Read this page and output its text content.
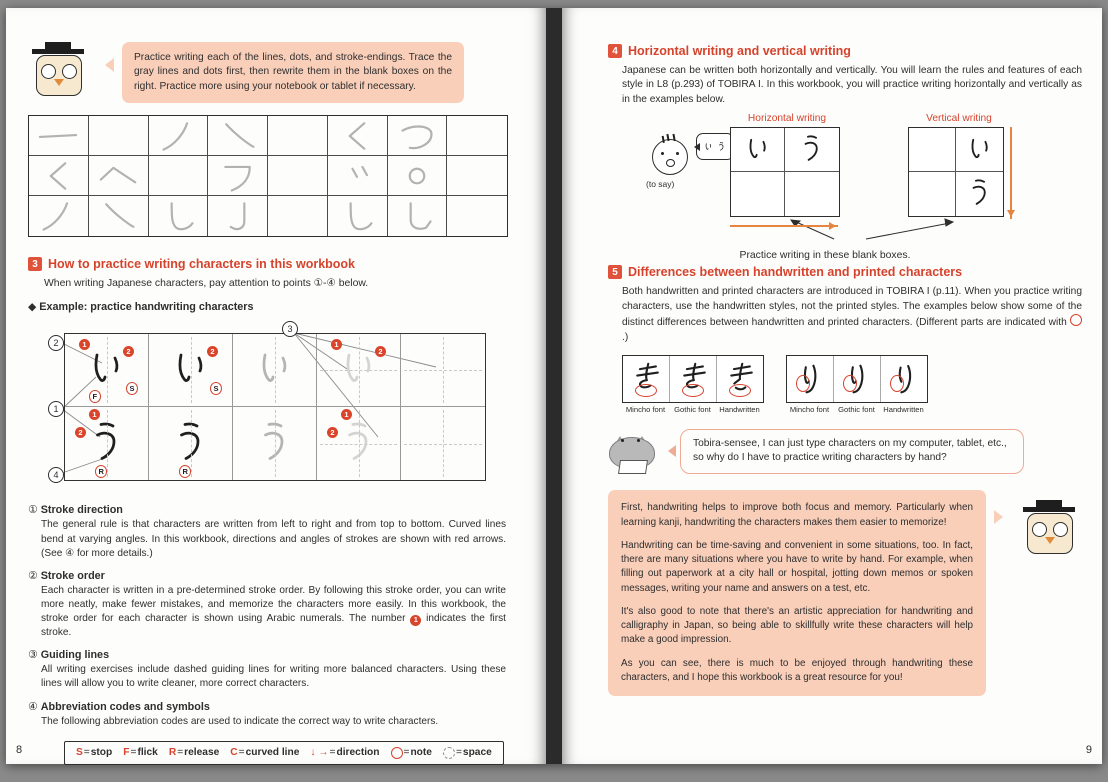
Practice writing each of the lines, dots, and stroke-endings. Trace the gray lines and dots first, then rewrite them in the blank boxes on the right. Practice more using your notebook or tablet if necessary.

3 How to practice writing characters in this workbook

When writing Japanese characters, pay attention to points ①-④ below.

◆ Example: practice handwriting characters

2
1
4
3
1
2
F
S
2
S
1
2
1
2
R	R
1
2

① Stroke direction

The general rule is that characters are written from left to right and from top to bottom. Curved lines bend at varying angles. In this workbook, directions and angles of strokes are shown with red arrows. (See ④ for more details.)

② Stroke order

Each character is written in a pre-determined stroke order. By following this stroke order, you can write more neatly, make fewer mistakes, and memorize the characters more easily. In this workbook, the stroke order for each character is shown using Arabic numerals. The number 1 indicates the first stroke.

③ Guiding lines

All writing exercises include dashed guiding lines for writing more balanced characters. Using these lines will allow you to write cleaner, more correct characters.

④ Abbreviation codes and symbols

The following abbreviation codes are used to indicate the correct way to write characters.

S = stop F = flick R = release C = curved line ↓ → = direction = note = space
8
4 Horizontal writing and vertical writing

Japanese can be written both horizontally and vertically. You will learn the rules and features of each style in L8 (p.293) of TOBIRA I. In this workbook, you will practice writing horizontally and vertically as in the examples below.

(to say)
Horizontal writing	Vertical writing

Practice writing in these blank boxes.

5 Differences between handwritten and printed characters

Both handwritten and printed characters are introduced in TOBIRA I (p.11). When you practice writing characters, use the handwritten styles, not the printed styles. The examples below show some of the distinct differences between handwritten and printed characters. (Different parts are indicated with .)

Mincho font	Gothic font	Handwritten	Mincho font	Gothic font	Handwritten

Tobira-sensee, I can just type characters on my computer, tablet, etc., so why do I have to practice writing characters by hand?

First, handwriting helps to improve both focus and memory. Particularly when learning kanji, handwriting the characters makes them easier to memorize!

Handwriting can be time-saving and convenient in some situations, too. In fact, there are many situations where you have to write by hand. For example, when filling out paperwork at a city hall or hospital, jotting down memos or spoken messages, writing your name and answers on a test, etc.

It's also good to note that there's an artistic appreciation for handwriting and calligraphy in Japan, so being able to skillfully write these characters will help make a good impression.

As you can see, there is much to be enjoyed through handwriting these characters, and I hope this workbook is a great resource for you!

9
